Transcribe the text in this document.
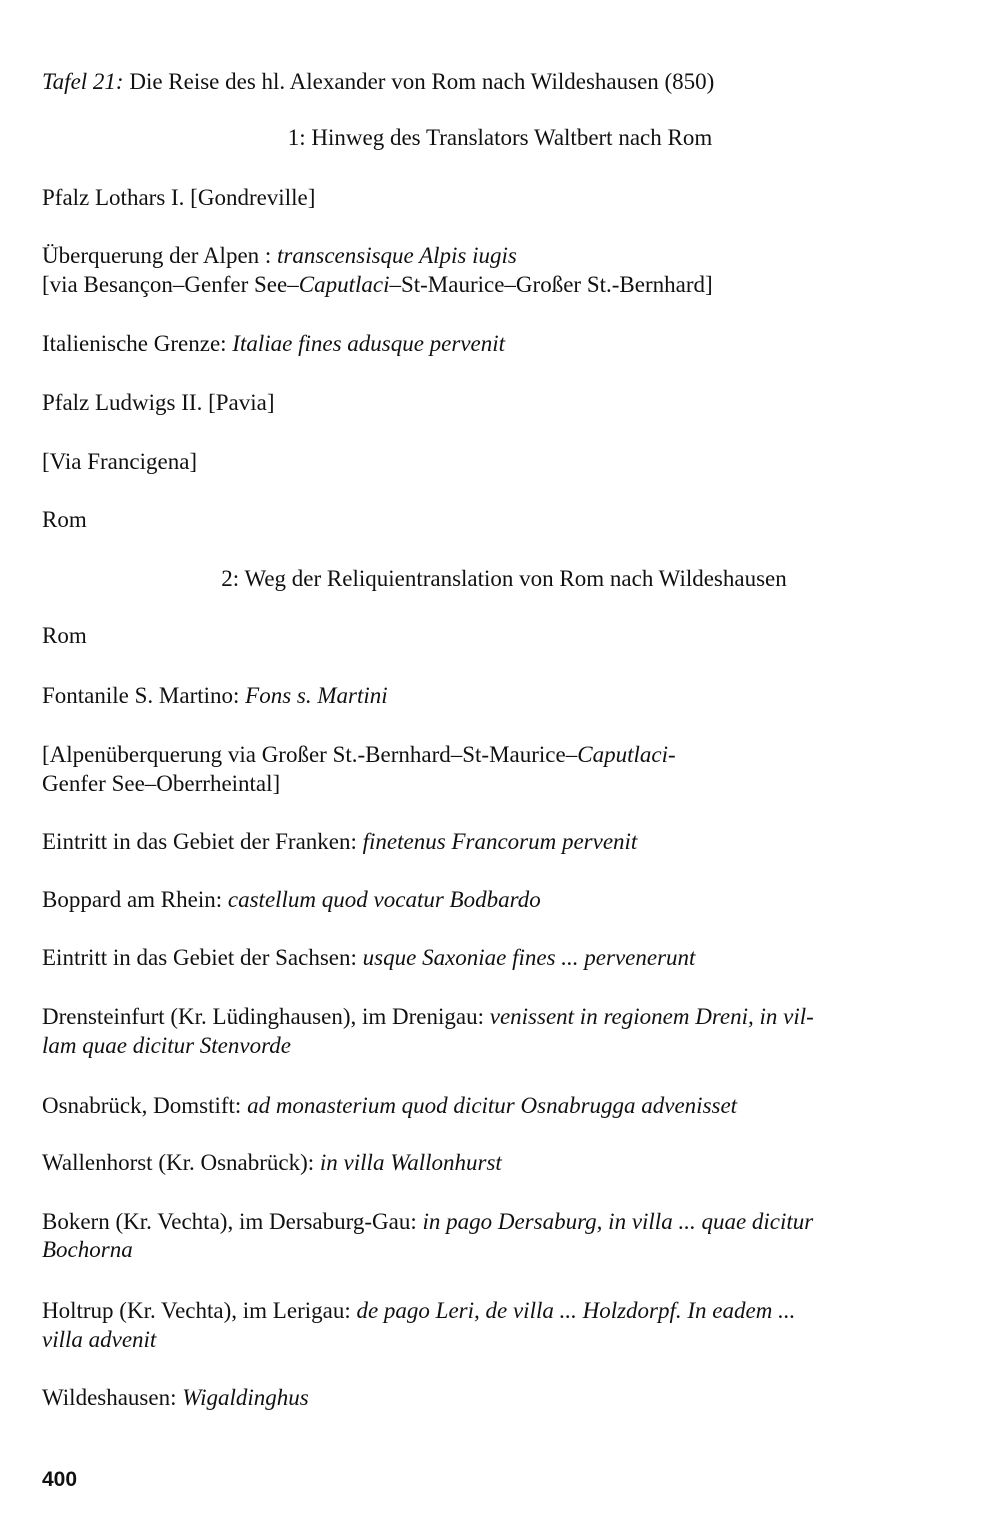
Tafel 21: Die Reise des hl. Alexander von Rom nach Wildeshausen (850)

1: Hinweg des Translators Waltbert nach Rom

Pfalz Lothars I. [Gondreville]

Überquerung der Alpen : transcensisque Alpis iugis

[via Besançon–Genfer See–Caputlaci–St-Maurice–Großer St.-Bernhard]

Italienische Grenze: Italiae fines adusque pervenit

Pfalz Ludwigs II. [Pavia]

[Via Francigena]

Rom

2: Weg der Reliquientranslation von Rom nach Wildeshausen

Rom

Fontanile S. Martino: Fons s. Martini

[Alpenüberquerung via Großer St.-Bernhard–St-Maurice–Caputlaci-

Genfer See–Oberrheintal]

Eintritt in das Gebiet der Franken: finetenus Francorum pervenit

Boppard am Rhein: castellum quod vocatur Bodbardo

Eintritt in das Gebiet der Sachsen: usque Saxoniae fines ... pervenerunt

Drensteinfurt (Kr. Lüdinghausen), im Drenigau: venissent in regionem Dreni, in vil-

lam quae dicitur Stenvorde

Osnabrück, Domstift: ad monasterium quod dicitur Osnabrugga advenisset

Wallenhorst (Kr. Osnabrück): in villa Wallonhurst

Bokern (Kr. Vechta), im Dersaburg-Gau: in pago Dersaburg, in villa ... quae dicitur

Bochorna

Holtrup (Kr. Vechta), im Lerigau: de pago Leri, de villa ... Holzdorpf. In eadem ...

villa advenit

Wildeshausen: Wigaldinghus

400
